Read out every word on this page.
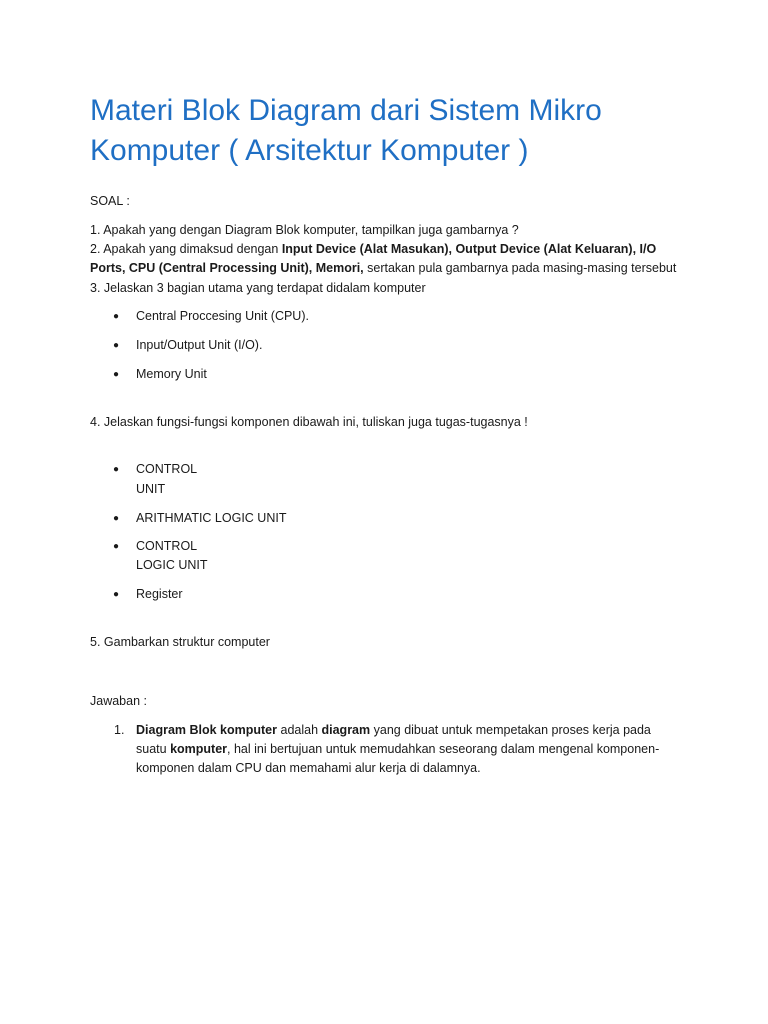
Materi Blok Diagram dari Sistem Mikro Komputer ( Arsitektur Komputer )

SOAL :

1. Apakah yang dengan Diagram Blok komputer, tampilkan juga gambarnya ?

2. Apakah yang dimaksud dengan Input Device (Alat Masukan), Output Device (Alat Keluaran), I/O

Ports, CPU (Central Processing Unit), Memori, sertakan pula gambarnya pada masing-masing tersebut

3. Jelaskan 3 bagian utama yang terdapat didalam komputer

● Central Proccesing Unit (CPU).

● Input/Output Unit (I/O).

● Memory Unit

4. Jelaskan fungsi-fungsi komponen dibawah ini, tuliskan juga tugas-tugasnya !

● CONTROL

UNIT

● ARITHMATIC LOGIC UNIT

● CONTROL

LOGIC UNIT

● Register

5. Gambarkan struktur computer

Jawaban :

1. Diagram Blok komputer adalah diagram yang dibuat untuk mempetakan proses kerja pada

suatu komputer, hal ini bertujuan untuk memudahkan seseorang dalam mengenal komponen-

komponen dalam CPU dan memahami alur kerja di dalamnya.
